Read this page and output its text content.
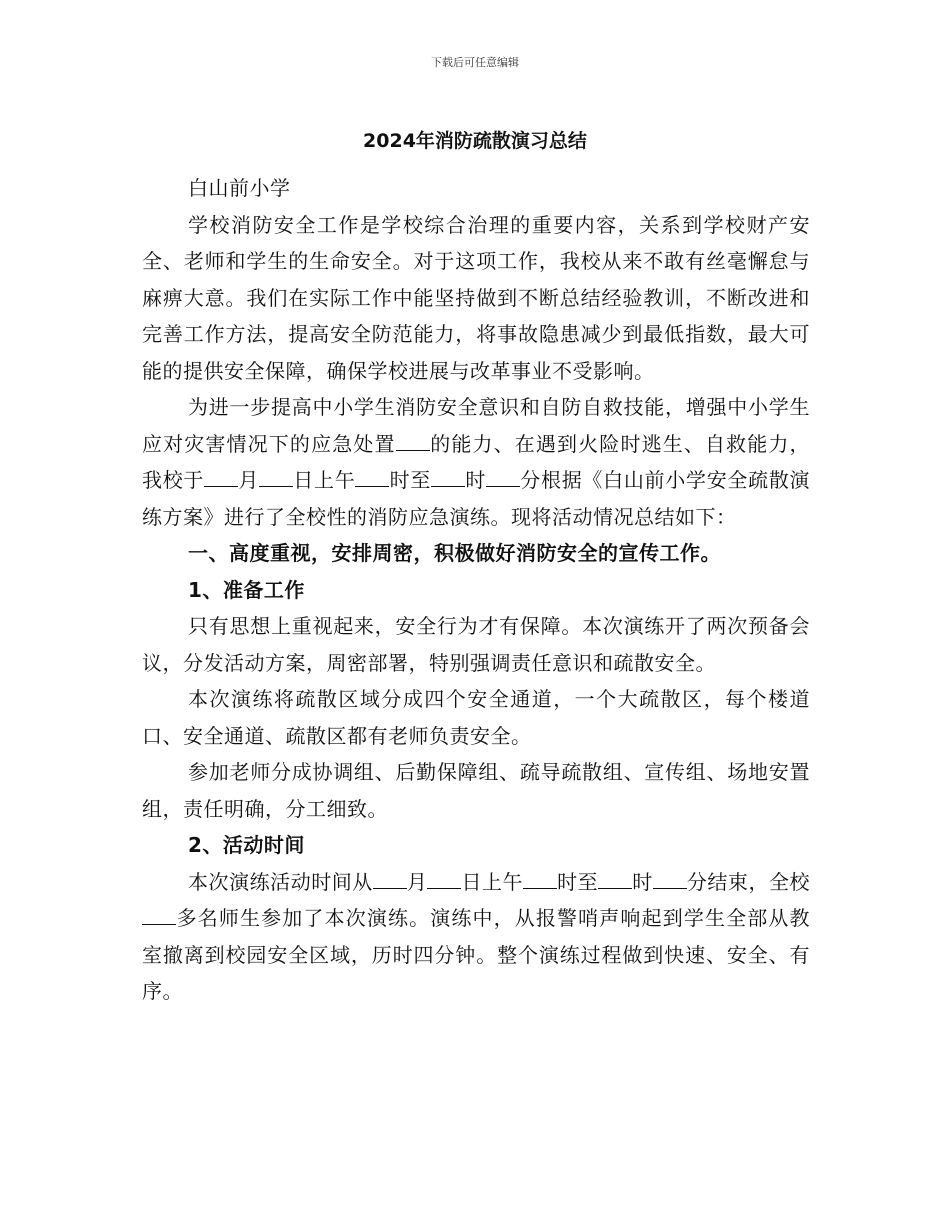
下载后可任意编辑
2024年消防疏散演习总结

白山前小学

学校消防安全工作是学校综合治理的重要内容，关系到学校财产安全、老师和学生的生命安全。对于这项工作，我校从来不敢有丝毫懈怠与麻痹大意。我们在实际工作中能坚持做到不断总结经验教训，不断改进和完善工作方法，提高安全防范能力，将事故隐患减少到最低指数，最大可能的提供安全保障，确保学校进展与改革事业不受影响。

为进一步提高中小学生消防安全意识和自防自救技能，增强中小学生应对灾害情况下的应急处置 的能力、在遇到火险时逃生、自救能力，我校于 月 日上午 时至 时 分根据《白山前小学安全疏散演练方案》进行了全校性的消防应急演练。现将活动情况总结如下：

一、高度重视，安排周密，积极做好消防安全的宣传工作。

1、准备工作

只有思想上重视起来，安全行为才有保障。本次演练开了两次预备会议，分发活动方案，周密部署，特别强调责任意识和疏散安全。

本次演练将疏散区域分成四个安全通道，一个大疏散区，每个楼道口、安全通道、疏散区都有老师负责安全。

参加老师分成协调组、后勤保障组、疏导疏散组、宣传组、场地安置组，责任明确，分工细致。

2、活动时间

本次演练活动时间从 月 日上午 时至 时 分结束，全校多名师生参加了本次演练。演练中，从报警哨声响起到学生全部从教室撤离到校园安全区域，历时四分钟。整个演练过程做到快速、安全、有序。
